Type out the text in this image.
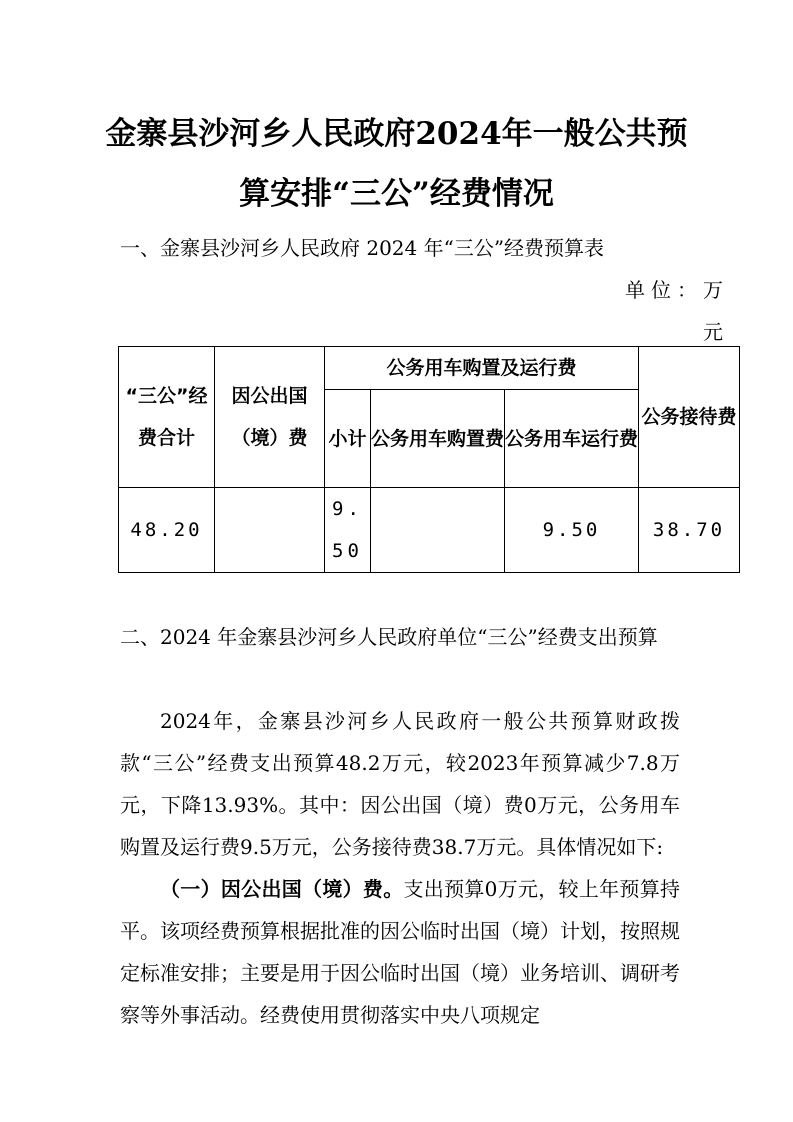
金寨县沙河乡人民政府2024年一般公共预
算安排“三公”经费情况
一、金寨县沙河乡人民政府 2024 年“三公”经费预算表
单位：万
元
“三公”经费合计	因公出国（境）费	公务用车购置及运行费			公务接待费
		小计	公务用车购置费	公务用车运行费	
48.20		9.50		9.50	38.70
二、2024 年金寨县沙河乡人民政府单位“三公”经费支出预算

2024年，金寨县沙河乡人民政府一般公共预算财政拨款“三公”经费支出预算48.2万元，较2023年预算减少7.8万元，下降13.93%。其中：因公出国（境）费0万元，公务用车购置及运行费9.5万元，公务接待费38.7万元。具体情况如下:

（一）因公出国（境）费。支出预算0万元，较上年预算持平。该项经费预算根据批准的因公临时出国（境）计划，按照规定标准安排；主要是用于因公临时出国（境）业务培训、调研考察等外事活动。经费使用贯彻落实中央八项规定
